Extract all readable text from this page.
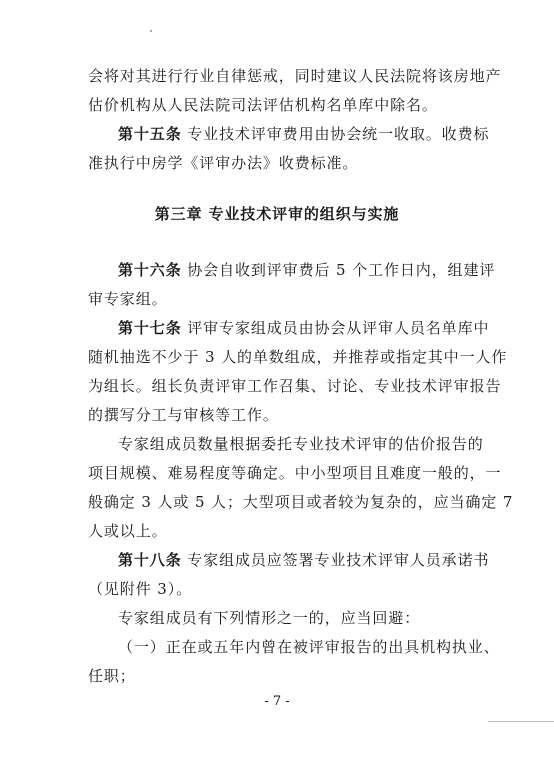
会将对其进行行业自律惩戒，同时建议人民法院将该房地产
估价机构从人民法院司法评估机构名单库中除名。
第十五条 专业技术评审费用由协会统一收取。收费标
准执行中房学《评审办法》收费标准。
第三章 专业技术评审的组织与实施
第十六条 协会自收到评审费后 5 个工作日内，组建评
审专家组。
第十七条 评审专家组成员由协会从评审人员名单库中
随机抽选不少于 3 人的单数组成，并推荐或指定其中一人作
为组长。组长负责评审工作召集、讨论、专业技术评审报告
的撰写分工与审核等工作。
专家组成员数量根据委托专业技术评审的估价报告的
项目规模、难易程度等确定。中小型项目且难度一般的，一
般确定 3 人或 5 人；大型项目或者较为复杂的，应当确定 7
人或以上。
第十八条 专家组成员应签署专业技术评审人员承诺书
（见附件 3）。
专家组成员有下列情形之一的，应当回避：
（一）正在或五年内曾在被评审报告的出具机构执业、
任职；
- 7 -
